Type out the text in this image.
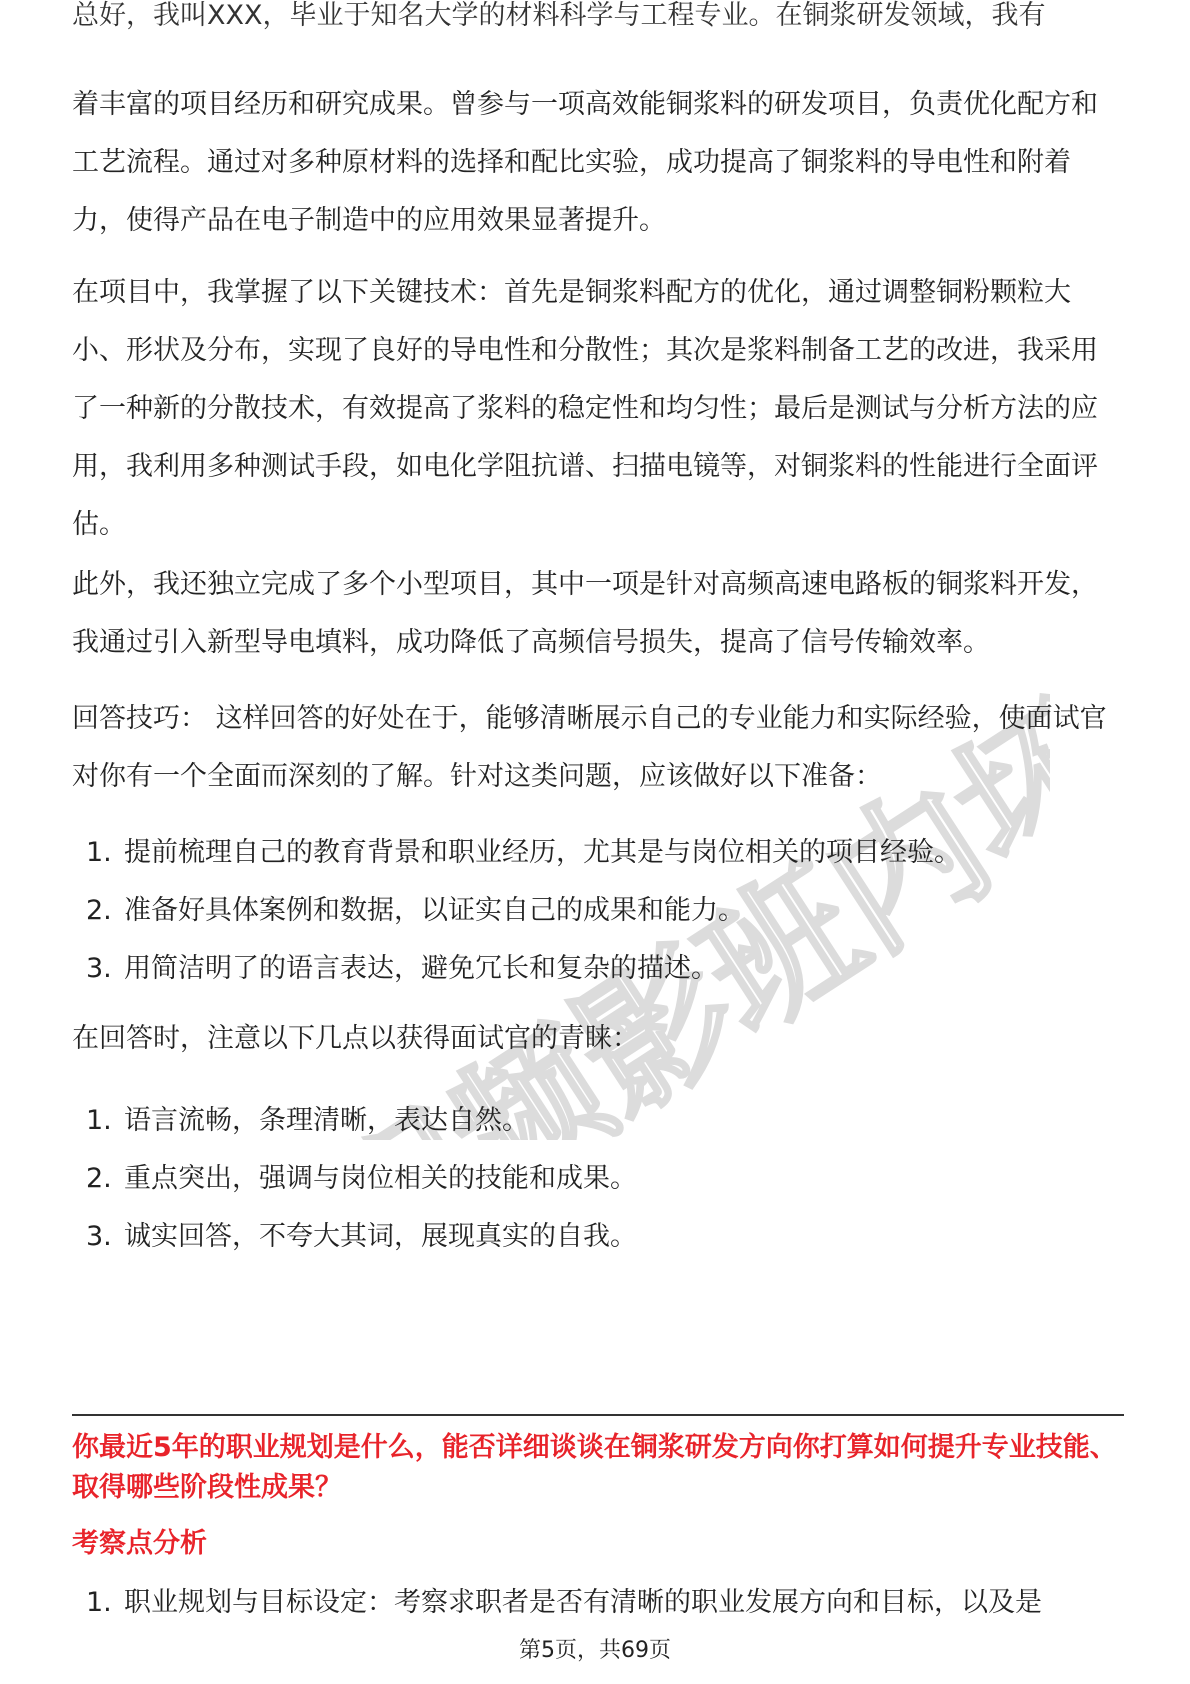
职频影班内坏
总好，我叫XXX，毕业于知名大学的材料科学与工程专业。在铜浆研发领域，我有

着丰富的项目经历和研究成果。曾参与一项高效能铜浆料的研发项目，负责优化配方和工艺流程。通过对多种原材料的选择和配比实验，成功提高了铜浆料的导电性和附着力，使得产品在电子制造中的应用效果显著提升。

在项目中，我掌握了以下关键技术：首先是铜浆料配方的优化，通过调整铜粉颗粒大小、形状及分布，实现了良好的导电性和分散性；其次是浆料制备工艺的改进，我采用了一种新的分散技术，有效提高了浆料的稳定性和均匀性；最后是测试与分析方法的应用，我利用多种测试手段，如电化学阻抗谱、扫描电镜等，对铜浆料的性能进行全面评估。

此外，我还独立完成了多个小型项目，其中一项是针对高频高速电路板的铜浆料开发，我通过引入新型导电填料，成功降低了高频信号损失，提高了信号传输效率。

回答技巧： 这样回答的好处在于，能够清晰展示自己的专业能力和实际经验，使面试官对你有一个全面而深刻的了解。针对这类问题，应该做好以下准备：

1. 提前梳理自己的教育背景和职业经历，尤其是与岗位相关的项目经验。
2. 准备好具体案例和数据，以证实自己的成果和能力。
3. 用简洁明了的语言表达，避免冗长和复杂的描述。

在回答时，注意以下几点以获得面试官的青睐：

1. 语言流畅，条理清晰，表达自然。
2. 重点突出，强调与岗位相关的技能和成果。
3. 诚实回答，不夸大其词，展现真实的自我。

你最近5年的职业规划是什么，能否详细谈谈在铜浆研发方向你打算如何提升专业技能、取得哪些阶段性成果？

考察点分析

1. 职业规划与目标设定：考察求职者是否有清晰的职业发展方向和目标，以及是
第5页，共69页
